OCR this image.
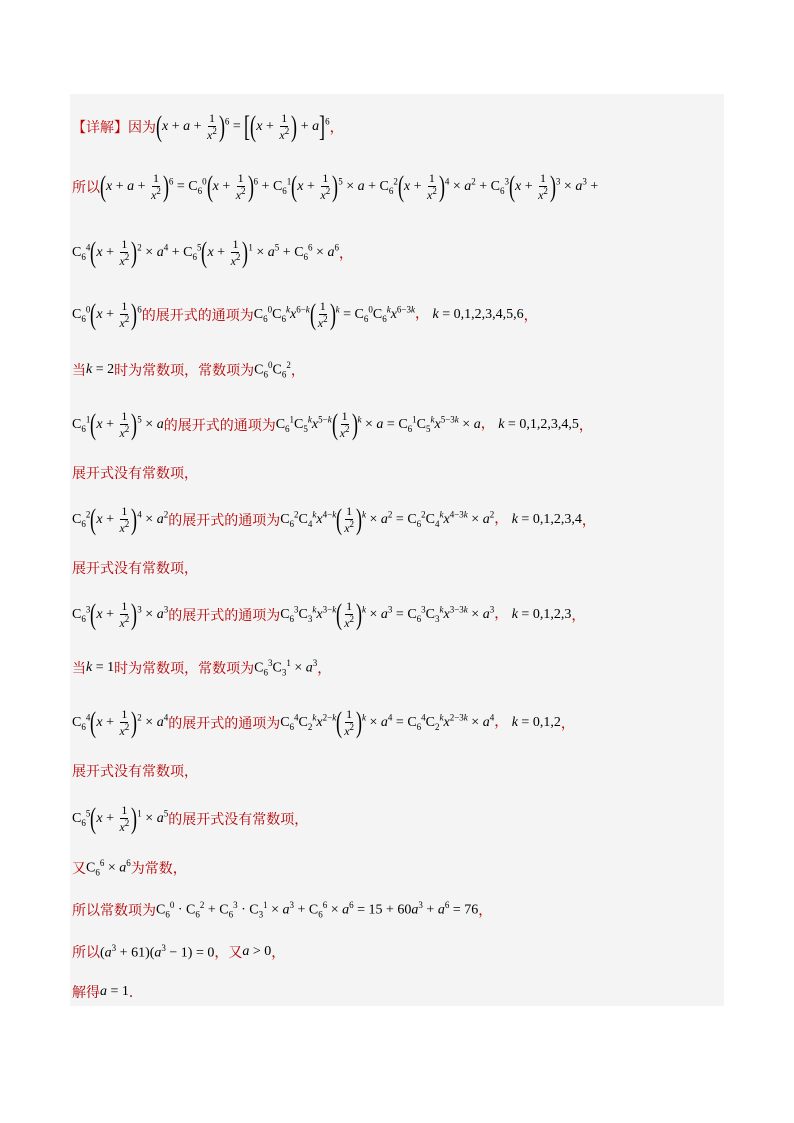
【详解】 因为 $(x + a + \frac{1}{x^2} )^6 = [(x + \frac{1}{x^2}$ ) + a]$^6$ ，
所以 $(x + a + \frac{1}{x^2} )^6 = C_6^0(x + \frac{1}{x^2} )^6 + C_6^1(x + \frac{1}{x^2} )^5 \times a + C_6^2(x + \frac{1}{x^2} )^4 \times a^2 + C_6^3(x + \frac{1}{x^2} )^3 \times a^3$ +
$C_6^4(x + \frac{1}{x^2} )^2 \times a^4 + C_6^5(x + \frac{1}{x^2} )^1 \times a^5 + C_6^6 \times a^6$ ，
$C_6^0(x + \frac{1}{x^2} )^6$ 的展开式的通项为 $C_6^0C_6^kx^{6-k}( \frac{1}{x^2} )^k = C_6^0C_6^kx^{6-3k}$， k = 0,1,2,3,4,5,6 ，
当 k = 2 时为常数项，常数项为 $C_6^0C_6^2$ ，
$C_6^1(x + \frac{1}{x^2} )^5 \times a$ 的展开式的通项为 $C_6^1C_5^kx^{5-k}( \frac{1}{x^2} )^k \times a = C_6^1C_5^kx^{5-3k} \times a$， k = 0,1,2,3,4,5 ，
展开式没有常数项，
$C_6^2(x + \frac{1}{x^2} )^4 \times a^2$ 的展开式的通项为 $C_6^2C_4^kx^{4-k}( \frac{1}{x^2} )^k \times a^2 = C_6^2C_4^kx^{4-3k} \times a^2$， k = 0,1,2,3,4 ，
展开式没有常数项，
$C_6^3(x + \frac{1}{x^2} )^3 \times a^3$ 的展开式的通项为 $C_6^3C_3^kx^{3-k}( \frac{1}{x^2} )^k \times a^3 = C_6^3C_3^kx^{3-3k} \times a^3$， k = 0,1,2,3 ，
当 k = 1 时为常数项，常数项为 $C_6^3C_3^1 \times a^3$ ，
$C_6^4(x + \frac{1}{x^2} )^2 \times a^4$ 的展开式的通项为 $C_6^4C_2^kx^{2-k}( \frac{1}{x^2} )^k \times a^4 = C_6^4C_2^kx^{2-3k} \times a^4$， k = 0,1,2 ，
展开式没有常数项，
$C_6^5(x + \frac{1}{x^2} )^1 \times a^5$ 的展开式没有常数项，
又 $C_6^6 \times a^6$ 为常数，
所以常数项为 $C_6^0 \cdot C_6^2 + C_6^3 \cdot C_3^1 \times a^3 + C_6^6 \times a^6 = 15 + 60a^3 + a^6 = 76$ ，
所以 $(a^3 + 61)(a^3 - 1) = 0$ ，又 a > 0 ，
解得 a = 1 ．
